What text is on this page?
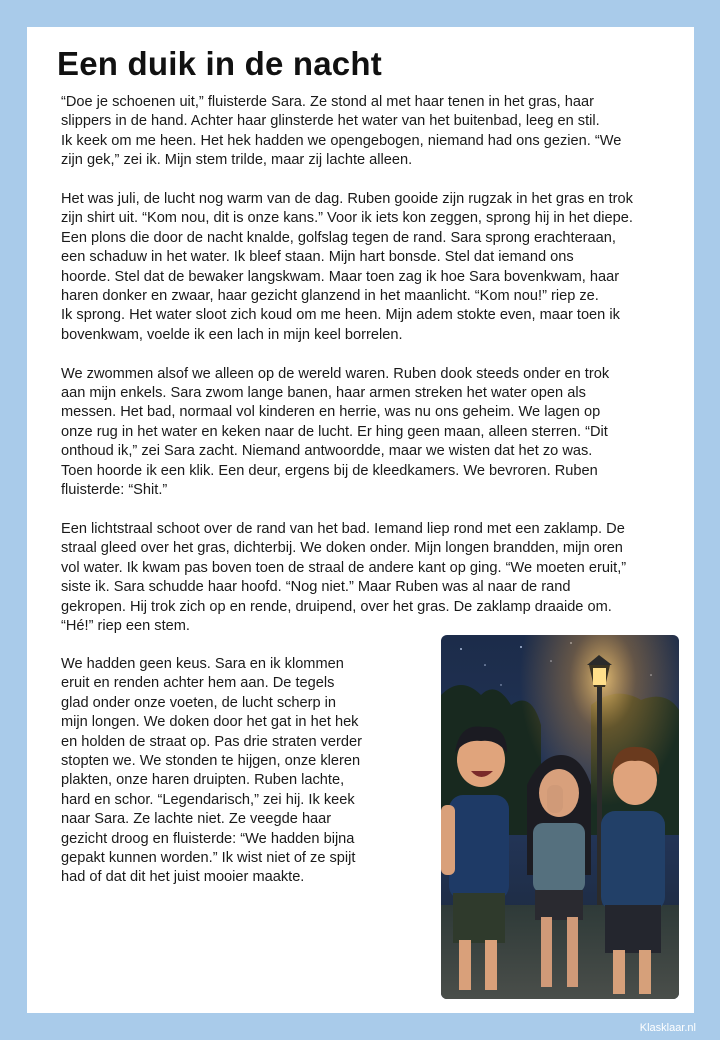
Een duik in de nacht

“Doe je schoenen uit,” fluisterde Sara. Ze stond al met haar tenen in het gras, haar
slippers in de hand. Achter haar glinsterde het water van het buitenbad, leeg en stil.
Ik keek om me heen. Het hek hadden we opengebogen, niemand had ons gezien. “We
zijn gek,” zei ik. Mijn stem trilde, maar zij lachte alleen.

Het was juli, de lucht nog warm van de dag. Ruben gooide zijn rugzak in het gras en trok
zijn shirt uit. “Kom nou, dit is onze kans.” Voor ik iets kon zeggen, sprong hij in het diepe.
Een plons die door de nacht knalde, golfslag tegen de rand. Sara sprong erachteraan,
een schaduw in het water. Ik bleef staan. Mijn hart bonsde. Stel dat iemand ons
hoorde. Stel dat de bewaker langskwam. Maar toen zag ik hoe Sara bovenkwam, haar
haren donker en zwaar, haar gezicht glanzend in het maanlicht. “Kom nou!” riep ze.
Ik sprong. Het water sloot zich koud om me heen. Mijn adem stokte even, maar toen ik
bovenkwam, voelde ik een lach in mijn keel borrelen.

We zwommen alsof we alleen op de wereld waren. Ruben dook steeds onder en trok
aan mijn enkels. Sara zwom lange banen, haar armen streken het water open als
messen. Het bad, normaal vol kinderen en herrie, was nu ons geheim. We lagen op
onze rug in het water en keken naar de lucht. Er hing geen maan, alleen sterren. “Dit
onthoud ik,” zei Sara zacht. Niemand antwoordde, maar we wisten dat het zo was.
Toen hoorde ik een klik. Een deur, ergens bij de kleedkamers. We bevroren. Ruben
fluisterde: “Shit.”

Een lichtstraal schoot over de rand van het bad. Iemand liep rond met een zaklamp. De
straal gleed over het gras, dichterbij. We doken onder. Mijn longen brandden, mijn oren
vol water. Ik kwam pas boven toen de straal de andere kant op ging. “We moeten eruit,”
siste ik. Sara schudde haar hoofd. “Nog niet.” Maar Ruben was al naar de rand
gekropen. Hij trok zich op en rende, druipend, over het gras. De zaklamp draaide om.
“Hé!” riep een stem.

We hadden geen keus. Sara en ik klommen
eruit en renden achter hem aan. De tegels
glad onder onze voeten, de lucht scherp in
mijn longen. We doken door het gat in het hek
en holden de straat op. Pas drie straten verder
stopten we. We stonden te hijgen, onze kleren
plakten, onze haren druipten. Ruben lachte,
hard en schor. “Legendarisch,” zei hij. Ik keek
naar Sara. Ze lachte niet. Ze veegde haar
gezicht droog en fluisterde: “We hadden bijna
gepakt kunnen worden.” Ik wist niet of ze spijt
had of dat dit het juist mooier maakte.
Klasklaar.nl
